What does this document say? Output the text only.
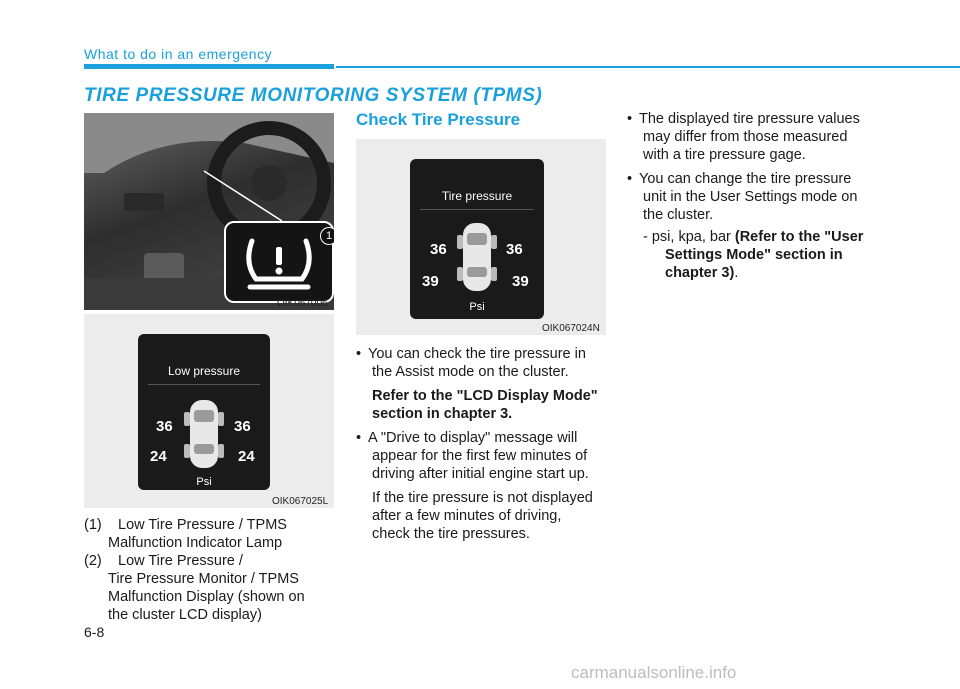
What to do in an emergency
TIRE PRESSURE MONITORING SYSTEM (TPMS)
1
OIK067006
Low pressure
36	36
24	24
Psi
OIK067025L
(1) Low Tire Pressure / TPMS
Malfunction Indicator Lamp
(2) Low Tire Pressure /
Tire Pressure Monitor / TPMS
Malfunction Display (shown on
the cluster LCD display)
Check Tire Pressure
Tire pressure
36	36
39	39
Psi
OIK067024N
• You can check the tire pressure in
the Assist mode on the cluster.
Refer to the "LCD Display Mode"
section in chapter 3.
• A "Drive to display" message will
appear for the first few minutes of
driving after initial engine start up.
If the tire pressure is not displayed
after a few minutes of driving,
check the tire pressures.
• The displayed tire pressure values
may differ from those measured
with a tire pressure gage.
• You can change the tire pressure
unit in the User Settings mode on
the cluster.
- psi, kpa, bar (Refer to the "User
Settings Mode" section in
chapter 3).
6-8
carmanualsonline.info
